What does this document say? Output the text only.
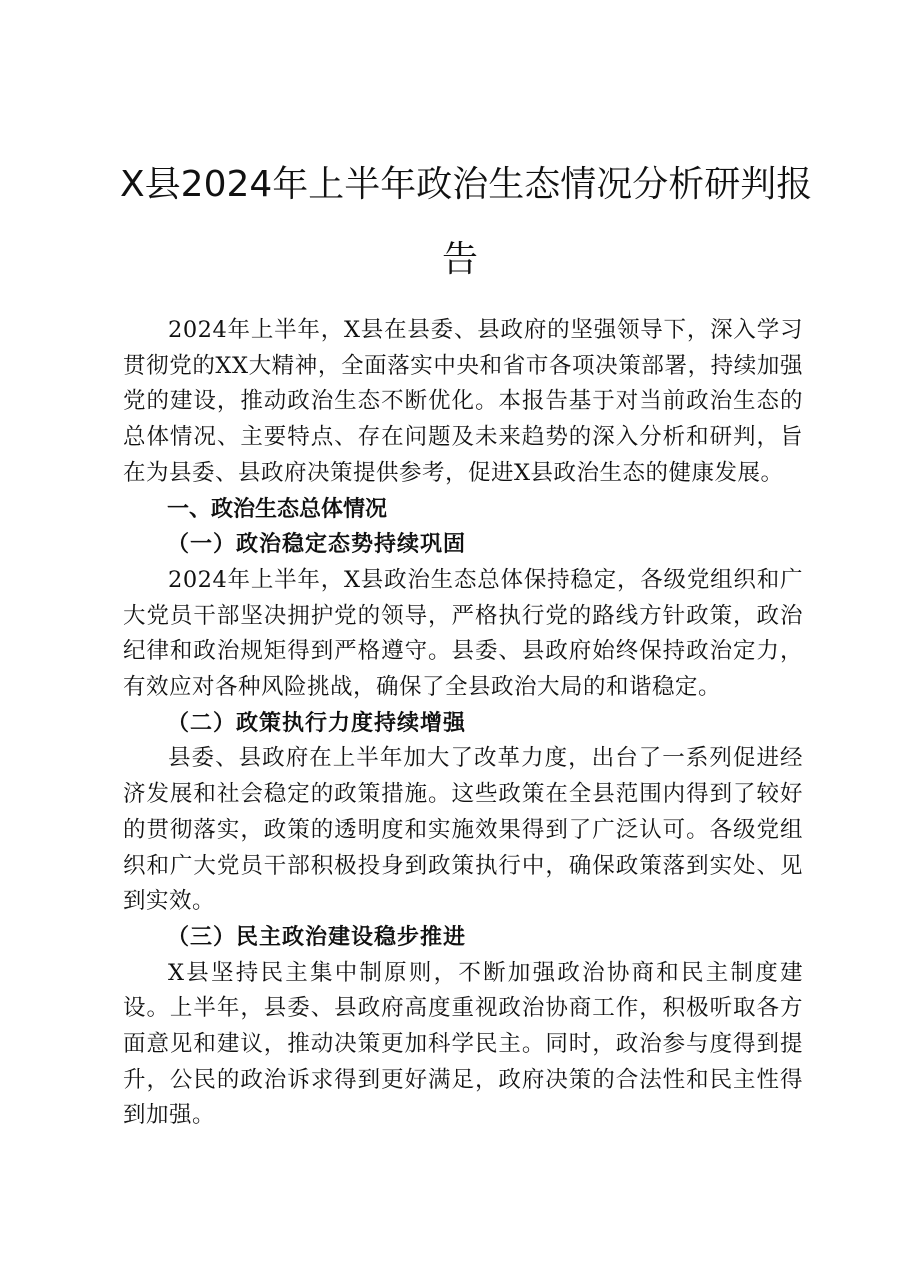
X县2024年上半年政治生态情况分析研判报
告

2024年上半年，X县在县委、县政府的坚强领导下，深入学习贯彻党的XX大精神，全面落实中央和省市各项决策部署，持续加强党的建设，推动政治生态不断优化。本报告基于对当前政治生态的总体情况、主要特点、存在问题及未来趋势的深入分析和研判，旨在为县委、县政府决策提供参考，促进X县政治生态的健康发展。

一、政治生态总体情况

（一）政治稳定态势持续巩固

2024年上半年，X县政治生态总体保持稳定，各级党组织和广大党员干部坚决拥护党的领导，严格执行党的路线方针政策，政治纪律和政治规矩得到严格遵守。县委、县政府始终保持政治定力，有效应对各种风险挑战，确保了全县政治大局的和谐稳定。

（二）政策执行力度持续增强

县委、县政府在上半年加大了改革力度，出台了一系列促进经济发展和社会稳定的政策措施。这些政策在全县范围内得到了较好的贯彻落实，政策的透明度和实施效果得到了广泛认可。各级党组织和广大党员干部积极投身到政策执行中，确保政策落到实处、见到实效。

（三）民主政治建设稳步推进

X县坚持民主集中制原则，不断加强政治协商和民主制度建设。上半年，县委、县政府高度重视政治协商工作，积极听取各方面意见和建议，推动决策更加科学民主。同时，政治参与度得到提升，公民的政治诉求得到更好满足，政府决策的合法性和民主性得到加强。
